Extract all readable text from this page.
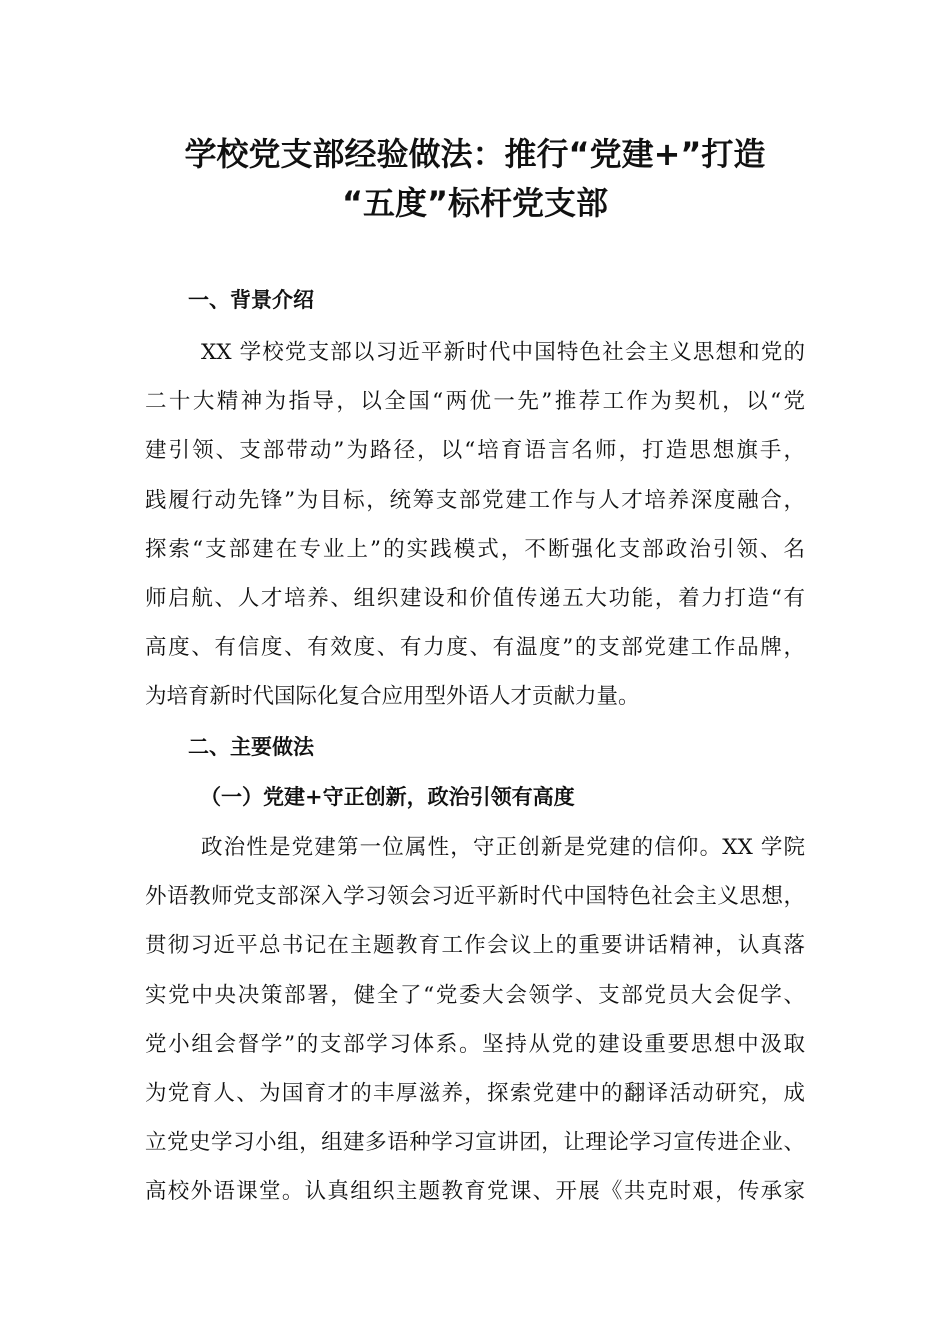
学校党支部经验做法：推行“党建+”打造
“五度”标杆党支部
一、背景介绍
XX 学校党支部以习近平新时代中国特色社会主义思想和党的
二十大精神为指导，以全国“两优一先”推荐工作为契机，以“党
建引领、支部带动”为路径，以“培育语言名师，打造思想旗手，
践履行动先锋”为目标，统筹支部党建工作与人才培养深度融合，
探索“支部建在专业上”的实践模式，不断强化支部政治引领、名
师启航、人才培养、组织建设和价值传递五大功能，着力打造“有
高度、有信度、有效度、有力度、有温度”的支部党建工作品牌，
为培育新时代国际化复合应用型外语人才贡献力量。
二、主要做法
（一）党建+守正创新，政治引领有高度
政治性是党建第一位属性，守正创新是党建的信仰。XX 学院
外语教师党支部深入学习领会习近平新时代中国特色社会主义思想，
贯彻习近平总书记在主题教育工作会议上的重要讲话精神，认真落
实党中央决策部署，健全了“党委大会领学、支部党员大会促学、
党小组会督学”的支部学习体系。坚持从党的建设重要思想中汲取
为党育人、为国育才的丰厚滋养，探索党建中的翻译活动研究，成
立党史学习小组，组建多语种学习宣讲团，让理论学习宣传进企业、
高校外语课堂。认真组织主题教育党课、开展《共克时艰，传承家
